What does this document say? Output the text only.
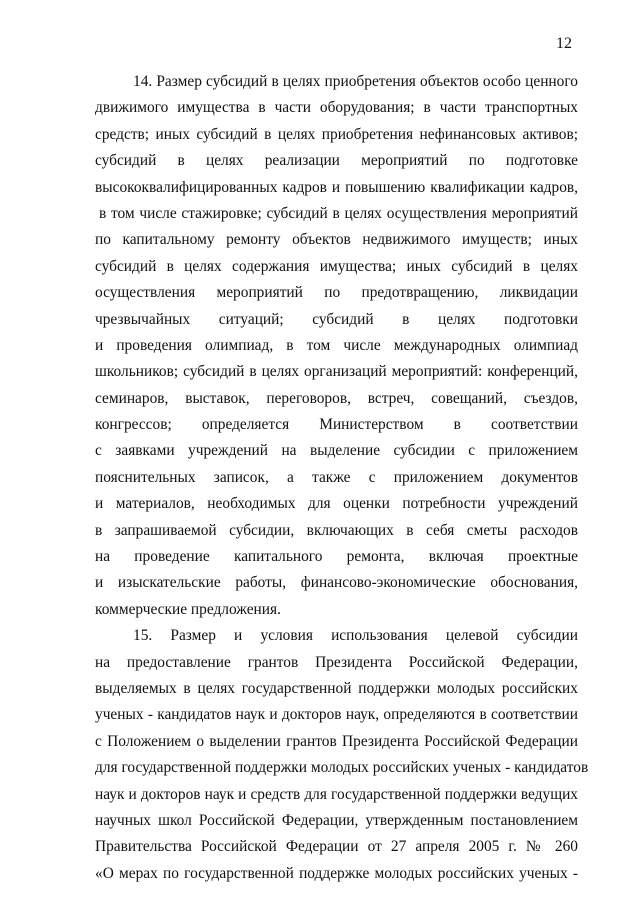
12
14. Размер субсидий в целях приобретения объектов особо ценного
движимого имущества в части оборудования; в части транспортных
средств; иных субсидий в целях приобретения нефинансовых активов;
субсидий в целях реализации мероприятий по подготовке
высококвалифицированных кадров и повышению квалификации кадров,
в том числе стажировке; субсидий в целях осуществления мероприятий
по капитальному ремонту объектов недвижимого имуществ; иных
субсидий в целях содержания имущества; иных субсидий в целях
осуществления мероприятий по предотвращению, ликвидации
чрезвычайных ситуаций; субсидий в целях подготовки
и проведения олимпиад, в том числе международных олимпиад
школьников; субсидий в целях организаций мероприятий: конференций,
семинаров, выставок, переговоров, встреч, совещаний, съездов,
конгрессов; определяется Министерством в соответствии
с заявками учреждений на выделение субсидии с приложением
пояснительных записок, а также с приложением документов
и материалов, необходимых для оценки потребности учреждений
в запрашиваемой субсидии, включающих в себя сметы расходов
на проведение капитального ремонта, включая проектные
и изыскательские работы, финансово-экономические обоснования,
коммерческие предложения.
15. Размер и условия использования целевой субсидии
на предоставление грантов Президента Российской Федерации,
выделяемых в целях государственной поддержки молодых российских
ученых - кандидатов наук и докторов наук, определяются в соответствии
с Положением о выделении грантов Президента Российской Федерации
для государственной поддержки молодых российских ученых - кандидатов
наук и докторов наук и средств для государственной поддержки ведущих
научных школ Российской Федерации, утвержденным постановлением
Правительства Российской Федерации от 27 апреля 2005 г. № 260
«О мерах по государственной поддержке молодых российских ученых -
